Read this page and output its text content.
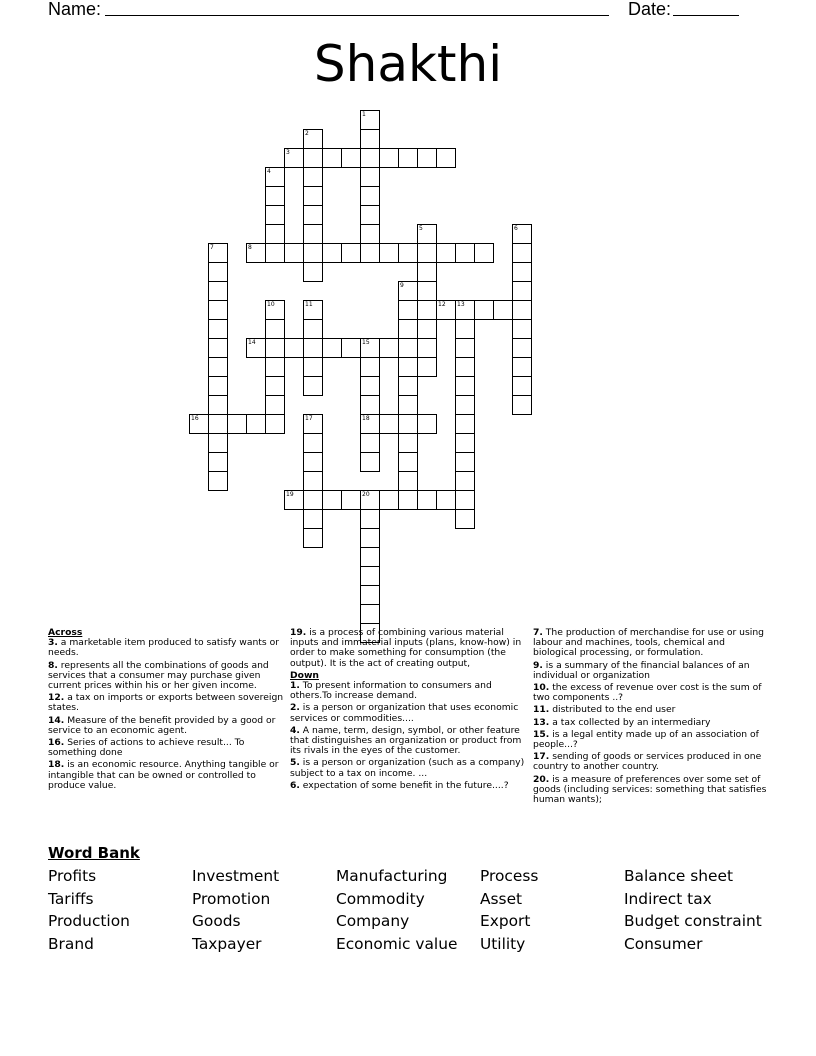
Name:	Date:
Shakthi
1
2
3
4
5	6
7	8
9
10	11	12 13
14	15
16	17	18
19	20
Across
3. a marketable item produced to satisfy wants or needs.
8. represents all the combinations of goods and services that a consumer may purchase given current prices within his or her given income.
12. a tax on imports or exports between sovereign states.
14. Measure of the benefit provided by a good or service to an economic agent.
16. Series of actions to achieve result... To something done
18. is an economic resource. Anything tangible or intangible that can be owned or controlled to produce value.
19. is a process of combining various material inputs and immaterial inputs (plans, know-how) in order to make something for consumption (the output). It is the act of creating output,
Down
1. To present information to consumers and others.To increase demand.
2. is a person or organization that uses economic services or commodities....
4. A name, term, design, symbol, or other feature that distinguishes an organization or product from its rivals in the eyes of the customer.
5. is a person or organization (such as a company) subject to a tax on income. ...
6. expectation of some benefit in the future....?
7. The production of merchandise for use or using labour and machines, tools, chemical and biological processing, or formulation.
9. is a summary of the financial balances of an individual or organization
10. the excess of revenue over cost is the sum of two components ..?
11. distributed to the end user
13. a tax collected by an intermediary
15. is a legal entity made up of an association of people...?
17. sending of goods or services produced in one country to another country.
20. is a measure of preferences over some set of goods (including services: something that satisfies human wants);
Word Bank
Profits	Investment	Manufacturing	Process	Balance sheet
Tariffs	Promotion	Commodity	Asset	Indirect tax
Production	Goods	Company	Export	Budget constraint
Brand	Taxpayer	Economic value	Utility	Consumer
